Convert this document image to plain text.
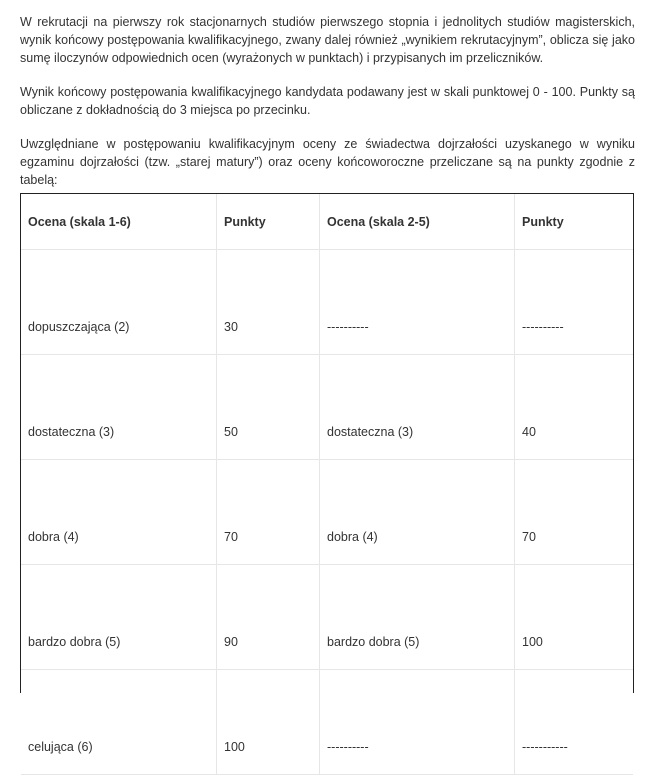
W rekrutacji na pierwszy rok stacjonarnych studiów pierwszego stopnia i jednolitych studiów magisterskich, wynik końcowy postępowania kwalifikacyjnego, zwany dalej również „wynikiem rekrutacyjnym”, oblicza się jako sumę iloczynów odpowiednich ocen (wyrażonych w punktach) i przypisanych im przeliczników.

Wynik końcowy postępowania kwalifikacyjnego kandydata podawany jest w skali punktowej 0 - 100. Punkty są obliczane z dokładnością do 3 miejsca po przecinku.

Uwzględniane w postępowaniu kwalifikacyjnym oceny ze świadectwa dojrzałości uzyskanego w wyniku egzaminu dojrzałości (tzw. „starej matury”) oraz oceny końcoworoczne przeliczane są na punkty zgodnie z tabelą:

Ocena (skala 1-6)	Punkty	Ocena (skala 2-5)	Punkty
dopuszczająca (2)	30	----------	----------
dostateczna (3)	50	dostateczna (3)	40
dobra (4)	70	dobra (4)	70
bardzo dobra (5)	90	bardzo dobra (5)	100
celująca (6)	100	----------	-----------
